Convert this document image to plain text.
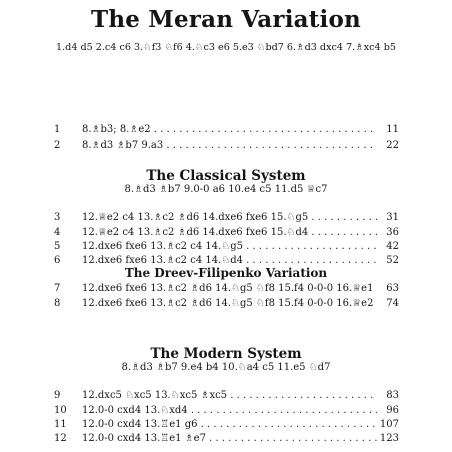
The Meran Variation
1.d4 d5 2.c4 c6 3.♘f3 ♘f6 4.♘c3 e6 5.e3 ♘bd7 6.♗d3 dxc4 7.♗xc4 b5
1	8.♗b3; 8.♗e2 . . .	11
2	8.♗d3 ♗b7 9.a3 . . .	22
The Classical System
8.♗d3 ♗b7 9.0-0 a6 10.e4 c5 11.d5 ♕c7
3	12.♕e2 c4 13.♗c2 ♗d6 14.dxe6 fxe6 15.♘g5 . . .	31
4	12.♕e2 c4 13.♗c2 ♗d6 14.dxe6 fxe6 15.♘d4 . . .	36
5	12.dxe6 fxe6 13.♗c2 c4 14.♘g5 . . .	42
6	12.dxe6 fxe6 13.♗c2 c4 14.♘d4 . . .	52
The Dreev-Filipenko Variation
7	12.dxe6 fxe6 13.♗c2 ♗d6 14.♘g5 ♘f8 15.f4 0-0-0 16.♕e1 . . .	63
8	12.dxe6 fxe6 13.♗c2 ♗d6 14.♘g5 ♘f8 15.f4 0-0-0 16.♕e2 . . .	74
The Modern System
8.♗d3 ♗b7 9.e4 b4 10.♘a4 c5 11.e5 ♘d7
9	12.dxc5 ♘xc5 13.♘xc5 ♗xc5 . . .	83
10	12.0-0 cxd4 13.♘xd4 . . .	96
11	12.0-0 cxd4 13.♖e1 g6 . . .	107
12	12.0-0 cxd4 13.♖e1 ♗e7 . . .	123
